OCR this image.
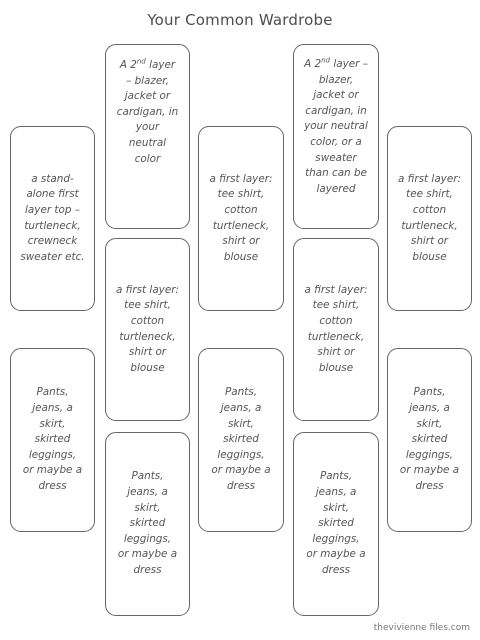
Your Common Wardrobe
a stand-alone first layer top – turtleneck, crewneck sweater etc.
Pants, jeans, a skirt, skirted leggings, or maybe a dress
A 2nd layer – blazer, jacket or cardigan, in your neutral color
a first layer: tee shirt, cotton turtleneck, shirt or blouse
Pants, jeans, a skirt, skirted leggings, or maybe a dress
a first layer: tee shirt, cotton turtleneck, shirt or blouse
Pants, jeans, a skirt, skirted leggings, or maybe a dress
A 2nd layer – blazer, jacket or cardigan, in your neutral color, or a sweater than can be layered
a first layer: tee shirt, cotton turtleneck, shirt or blouse
Pants, jeans, a skirt, skirted leggings, or maybe a dress
a first layer: tee shirt, cotton turtleneck, shirt or blouse
Pants, jeans, a skirt, skirted leggings, or maybe a dress
thevivienne files.com
